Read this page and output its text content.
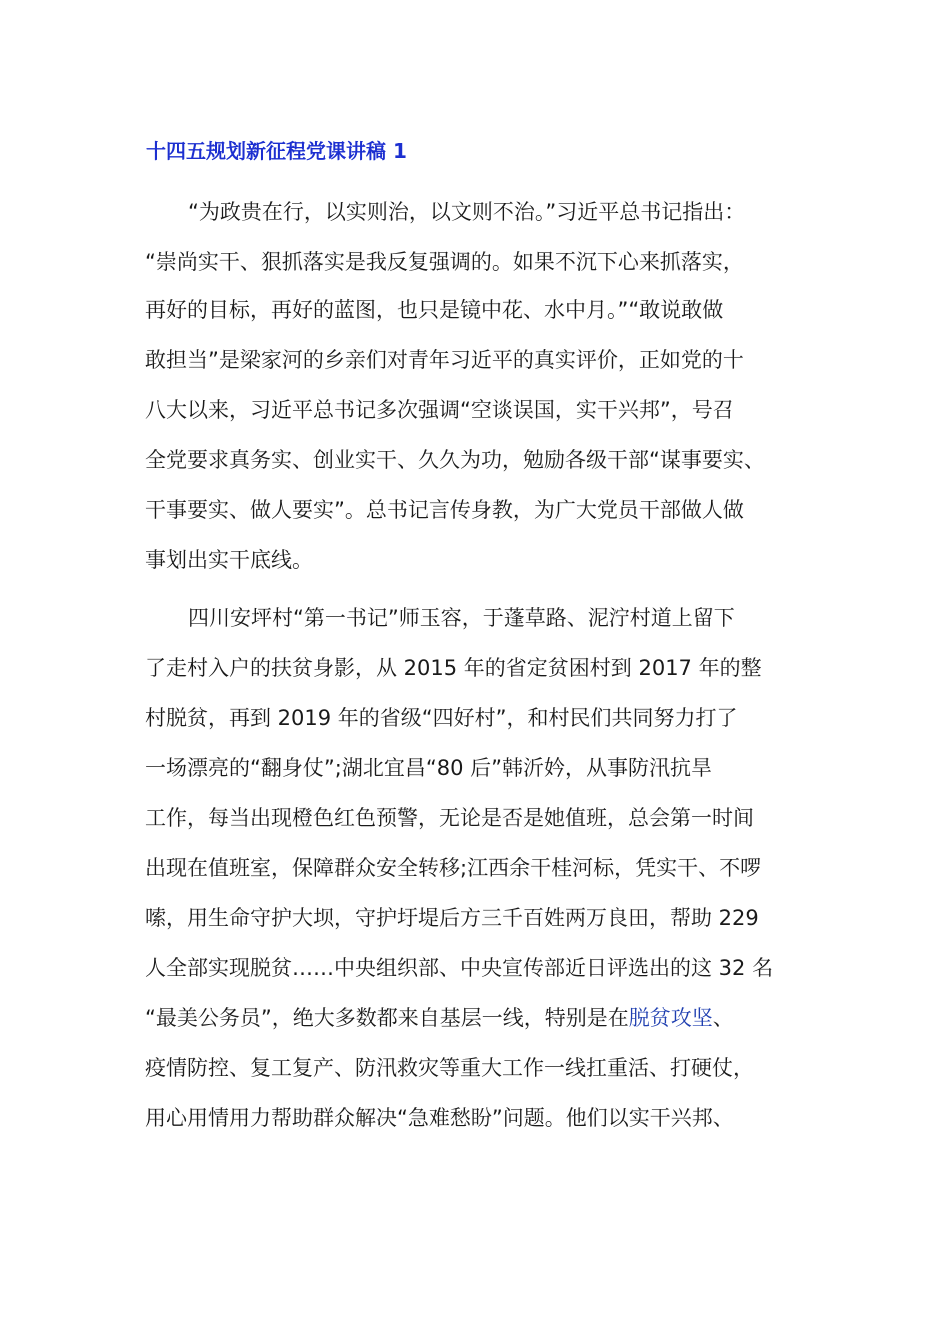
十四五规划新征程党课讲稿 1
“为政贵在行，以实则治，以文则不治。”习近平总书记指出：
“崇尚实干、狠抓落实是我反复强调的。如果不沉下心来抓落实，
再好的目标，再好的蓝图，也只是镜中花、水中月。”“敢说敢做
敢担当”是梁家河的乡亲们对青年习近平的真实评价，正如党的十
八大以来，习近平总书记多次强调“空谈误国，实干兴邦”，号召
全党要求真务实、创业实干、久久为功，勉励各级干部“谋事要实、
干事要实、做人要实”。总书记言传身教，为广大党员干部做人做
事划出实干底线。
四川安坪村“第一书记”师玉容，于蓬草路、泥泞村道上留下
了走村入户的扶贫身影，从 2015 年的省定贫困村到 2017 年的整
村脱贫，再到 2019 年的省级“四好村”，和村民们共同努力打了
一场漂亮的“翻身仗”;湖北宜昌“80 后”韩沂妗，从事防汛抗旱
工作，每当出现橙色红色预警，无论是否是她值班，总会第一时间
出现在值班室，保障群众安全转移;江西余干桂河标，凭实干、不啰
嗦，用生命守护大坝，守护圩堤后方三千百姓两万良田，帮助 229
人全部实现脱贫……中央组织部、中央宣传部近日评选出的这 32 名
“最美公务员”，绝大多数都来自基层一线，特别是在脱贫攻坚、
疫情防控、复工复产、防汛救灾等重大工作一线扛重活、打硬仗，
用心用情用力帮助群众解决“急难愁盼”问题。他们以实干兴邦、
